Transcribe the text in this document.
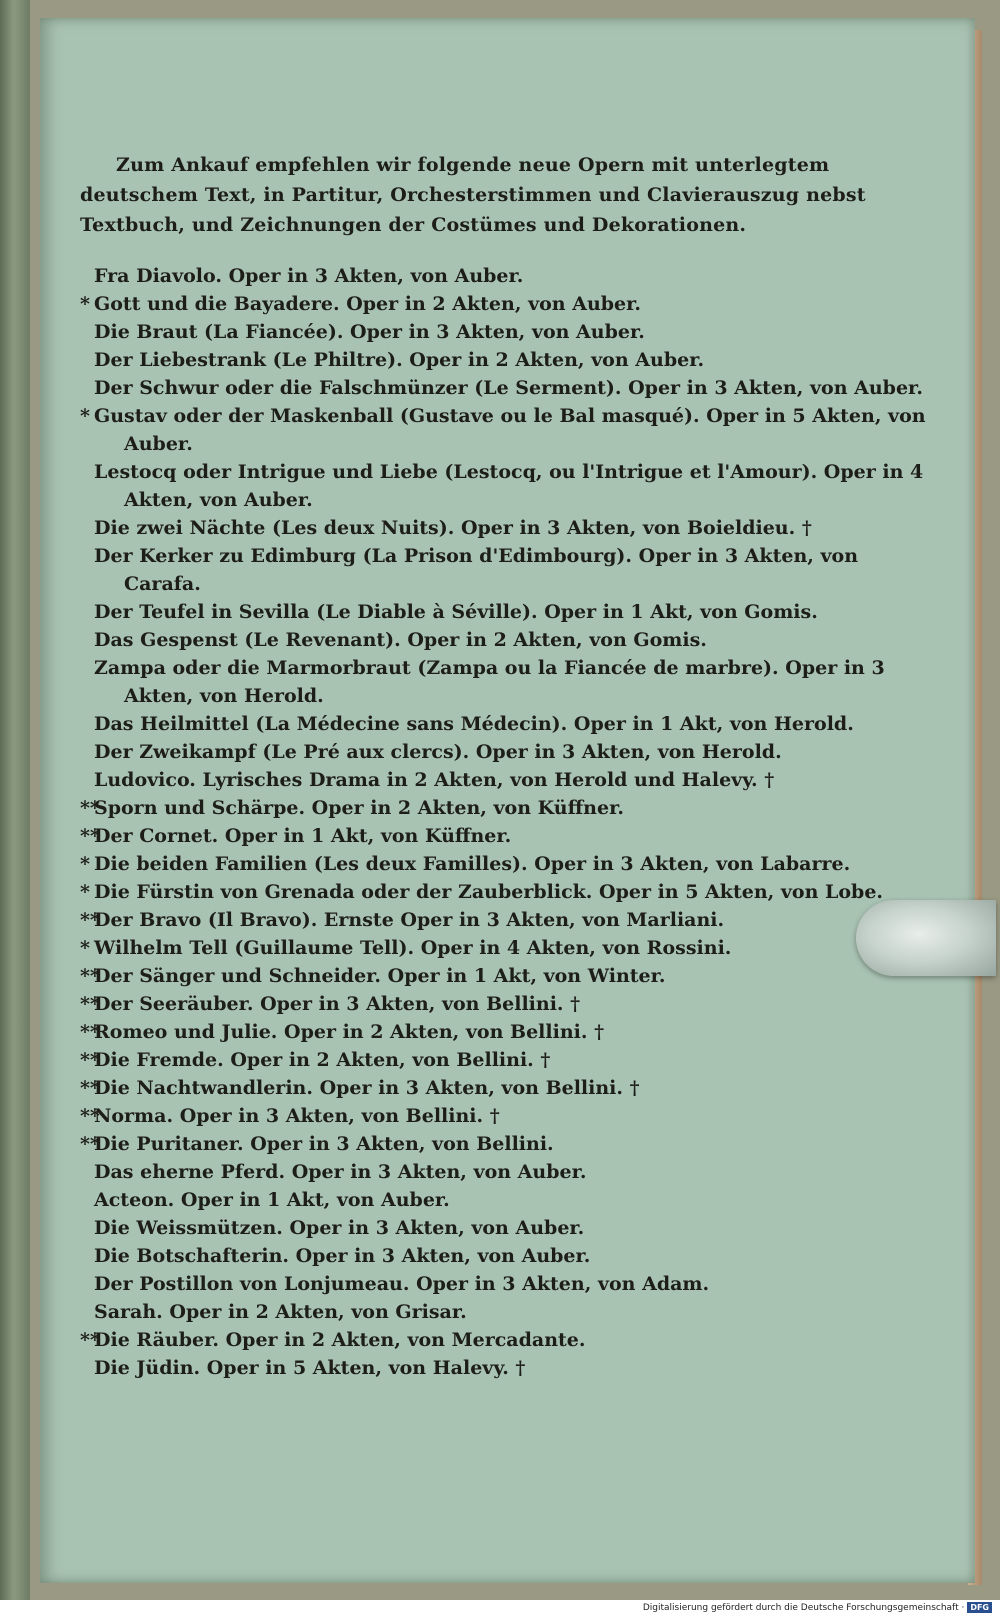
Zum Ankauf empfehlen wir folgende neue Opern mit unterlegtem deutschem Text, in Partitur, Orchesterstimmen und Clavierauszug nebst Textbuch, und Zeichnungen der Costümes und Dekorationen.

Fra Diavolo. Oper in 3 Akten, von Auber.
* Gott und die Bayadere. Oper in 2 Akten, von Auber.
Die Braut (La Fiancée). Oper in 3 Akten, von Auber.
Der Liebestrank (Le Philtre). Oper in 2 Akten, von Auber.
Der Schwur oder die Falschmünzer (Le Serment). Oper in 3 Akten, von Auber.
* Gustav oder der Maskenball (Gustave ou le Bal masqué). Oper in 5 Akten, von Auber.
Lestocq oder Intrigue und Liebe (Lestocq, ou l'Intrigue et l'Amour). Oper in 4 Akten, von Auber.
Die zwei Nächte (Les deux Nuits). Oper in 3 Akten, von Boieldieu. †
Der Kerker zu Edimburg (La Prison d'Edimbourg). Oper in 3 Akten, von Carafa.
Der Teufel in Sevilla (Le Diable à Séville). Oper in 1 Akt, von Gomis.
Das Gespenst (Le Revenant). Oper in 2 Akten, von Gomis.
Zampa oder die Marmorbraut (Zampa ou la Fiancée de marbre). Oper in 3 Akten, von Herold.
Das Heilmittel (La Médecine sans Médecin). Oper in 1 Akt, von Herold.
Der Zweikampf (Le Pré aux clercs). Oper in 3 Akten, von Herold.
Ludovico. Lyrisches Drama in 2 Akten, von Herold und Halevy. †
**Sporn und Schärpe. Oper in 2 Akten, von Küffner.
**Der Cornet. Oper in 1 Akt, von Küffner.
* Die beiden Familien (Les deux Familles). Oper in 3 Akten, von Labarre.
* Die Fürstin von Grenada oder der Zauberblick. Oper in 5 Akten, von Lobe.
**Der Bravo (Il Bravo). Ernste Oper in 3 Akten, von Marliani.
* Wilhelm Tell (Guillaume Tell). Oper in 4 Akten, von Rossini.
**Der Sänger und Schneider. Oper in 1 Akt, von Winter.
**Der Seeräuber. Oper in 3 Akten, von Bellini. †
**Romeo und Julie. Oper in 2 Akten, von Bellini. †
**Die Fremde. Oper in 2 Akten, von Bellini. †
**Die Nachtwandlerin. Oper in 3 Akten, von Bellini. †
**Norma. Oper in 3 Akten, von Bellini. †
**Die Puritaner. Oper in 3 Akten, von Bellini.
Das eherne Pferd. Oper in 3 Akten, von Auber.
Acteon. Oper in 1 Akt, von Auber.
Die Weissmützen. Oper in 3 Akten, von Auber.
Die Botschafterin. Oper in 3 Akten, von Auber.
Der Postillon von Lonjumeau. Oper in 3 Akten, von Adam.
Sarah. Oper in 2 Akten, von Grisar.
**Die Räuber. Oper in 2 Akten, von Mercadante.
Die Jüdin. Oper in 5 Akten, von Halevy. †
Digitalisierung gefördert durch die Deutsche Forschungsgemeinschaft · DFG
